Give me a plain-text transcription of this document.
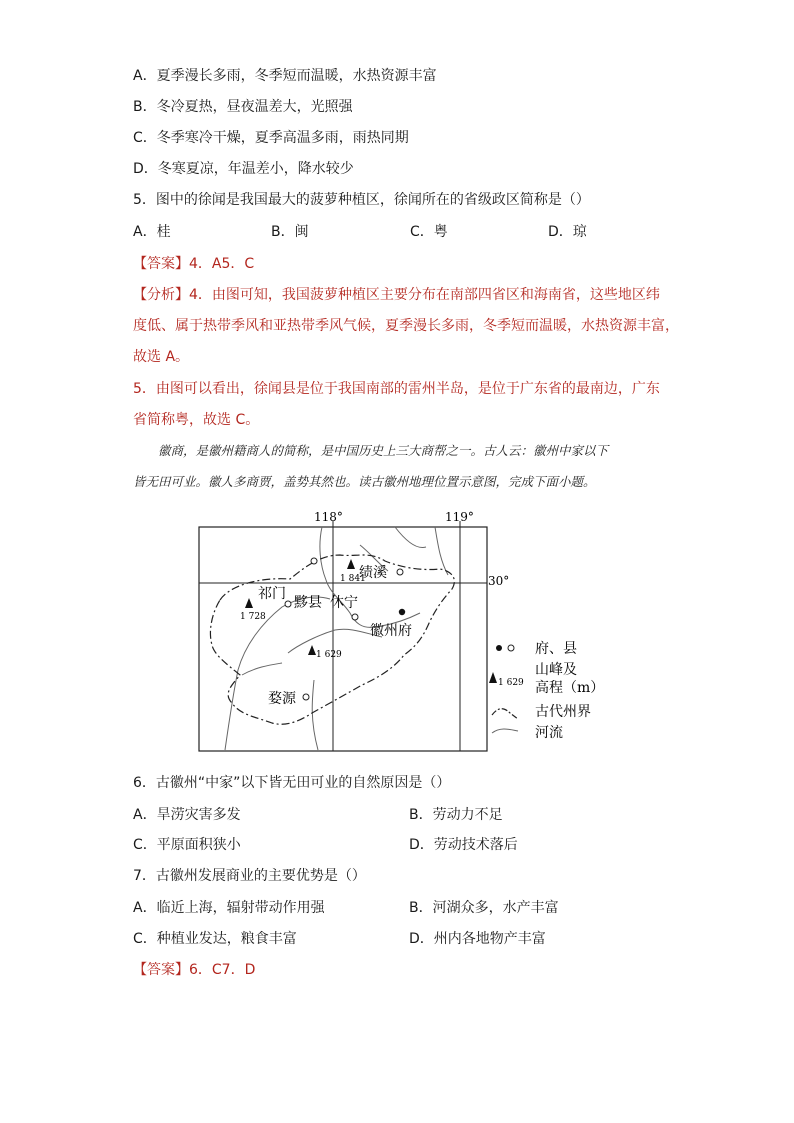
A．夏季漫长多雨，冬季短而温暖，水热资源丰富
B．冬冷夏热，昼夜温差大，光照强
C．冬季寒冷干燥，夏季高温多雨，雨热同期
D．冬寒夏凉，年温差小，降水较少
5．图中的徐闻是我国最大的菠萝种植区，徐闻所在的省级政区简称是（）
A．桂	B．闽	C．粤	D．琼
【答案】4．A5．C
【分析】4．由图可知，我国菠萝种植区主要分布在南部四省区和海南省，这些地区纬
度低、属于热带季风和亚热带季风气候，夏季漫长多雨，冬季短而温暖，水热资源丰富，
故选 A。
5．由图可以看出，徐闻县是位于我国南部的雷州半岛，是位于广东省的最南边，广东
省简称粤，故选 C。
徽商，是徽州籍商人的简称，是中国历史上三大商帮之一。古人云：徽州中家以下
皆无田可业。徽人多商贾，盖势其然也。读古徽州地理位置示意图，完成下面小题。
118°	119°
30°
1 841
1 728
1 629
绩溪
祁门
黟县 休宁
徽州府
婺源
府、县
1 629
山峰及
高程（m）
古代州界
河流
6．古徽州“中家”以下皆无田可业的自然原因是（）
A．旱涝灾害多发	B．劳动力不足
C．平原面积狭小	D．劳动技术落后
7．古徽州发展商业的主要优势是（）
A．临近上海，辐射带动作用强	B．河湖众多，水产丰富
C．种植业发达，粮食丰富	D．州内各地物产丰富
【答案】6．C7．D
